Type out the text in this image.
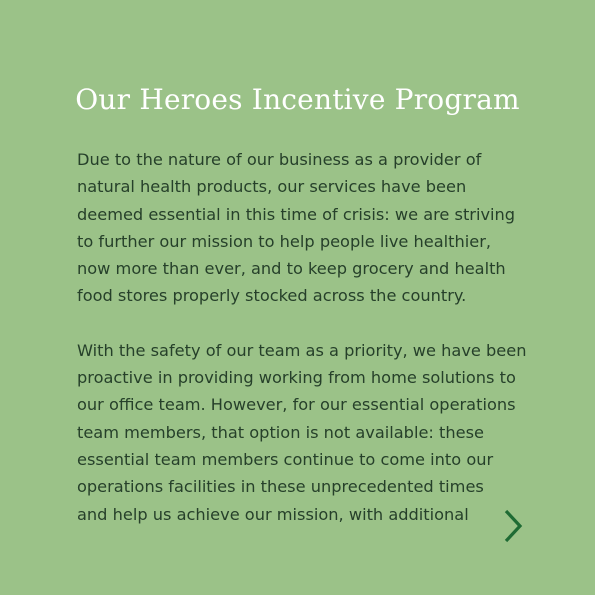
Our Heroes Incentive Program

Due to the nature of our business as a provider of
natural health products, our services have been
deemed essential in this time of crisis: we are striving
to further our mission to help people live healthier,
now more than ever, and to keep grocery and health
food stores properly stocked across the country.

With the safety of our team as a priority, we have been
proactive in providing working from home solutions to
our office team. However, for our essential operations
team members, that option is not available: these
essential team members continue to come into our
operations facilities in these unprecedented times
and help us achieve our mission, with additional
